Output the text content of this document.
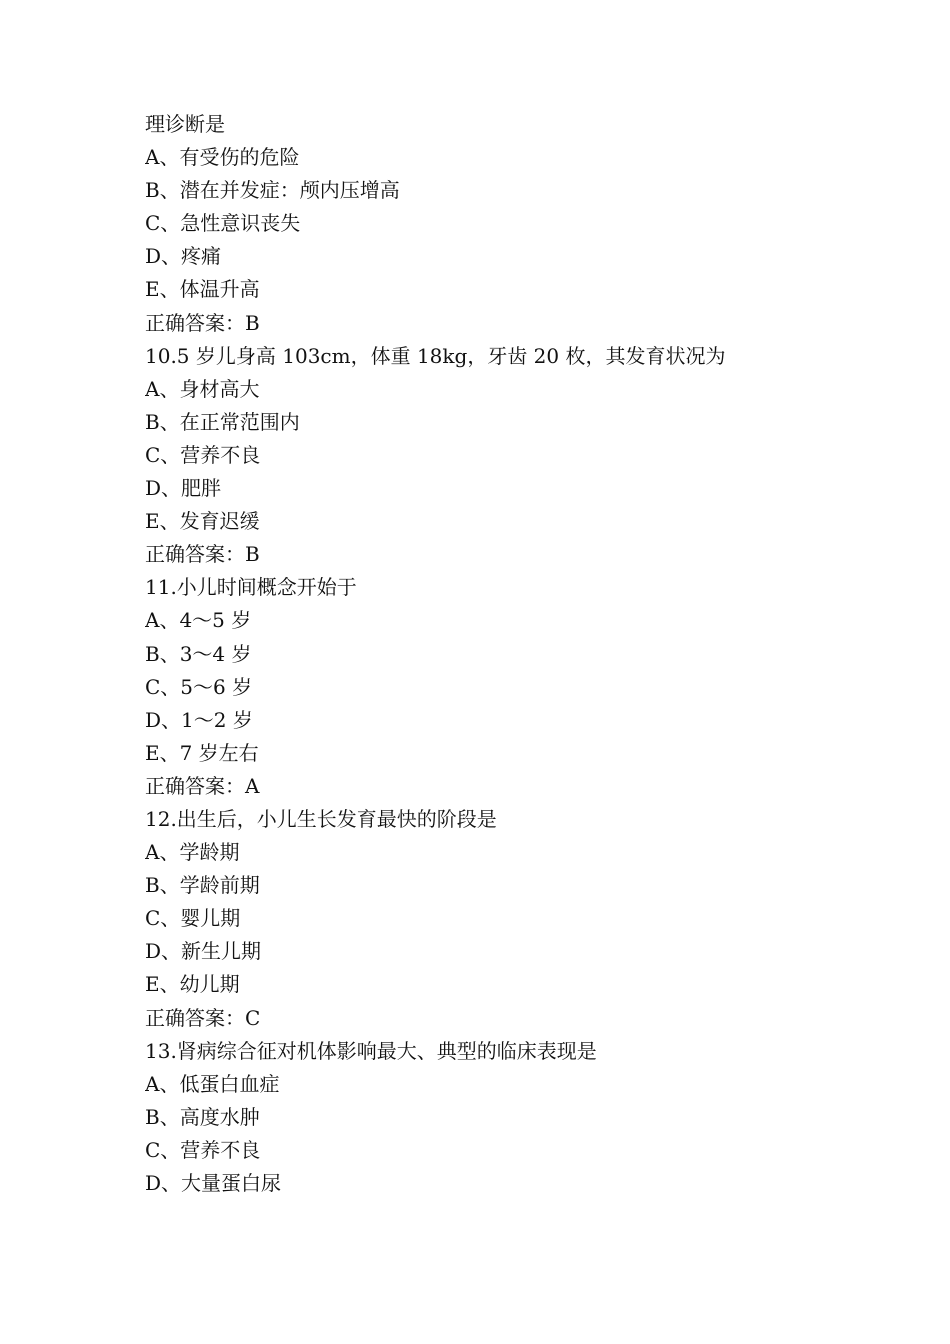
理诊断是
A、有受伤的危险
B、潜在并发症：颅内压增高
C、急性意识丧失
D、疼痛
E、体温升高
正确答案：B
10.5 岁儿身高 103cm，体重 18kg，牙齿 20 枚，其发育状况为
A、身材高大
B、在正常范围内
C、营养不良
D、肥胖
E、发育迟缓
正确答案：B
11.小儿时间概念开始于
A、4～5 岁
B、3～4 岁
C、5～6 岁
D、1～2 岁
E、7 岁左右
正确答案：A
12.出生后，小儿生长发育最快的阶段是
A、学龄期
B、学龄前期
C、婴儿期
D、新生儿期
E、幼儿期
正确答案：C
13.肾病综合征对机体影响最大、典型的临床表现是
A、低蛋白血症
B、高度水肿
C、营养不良
D、大量蛋白尿
